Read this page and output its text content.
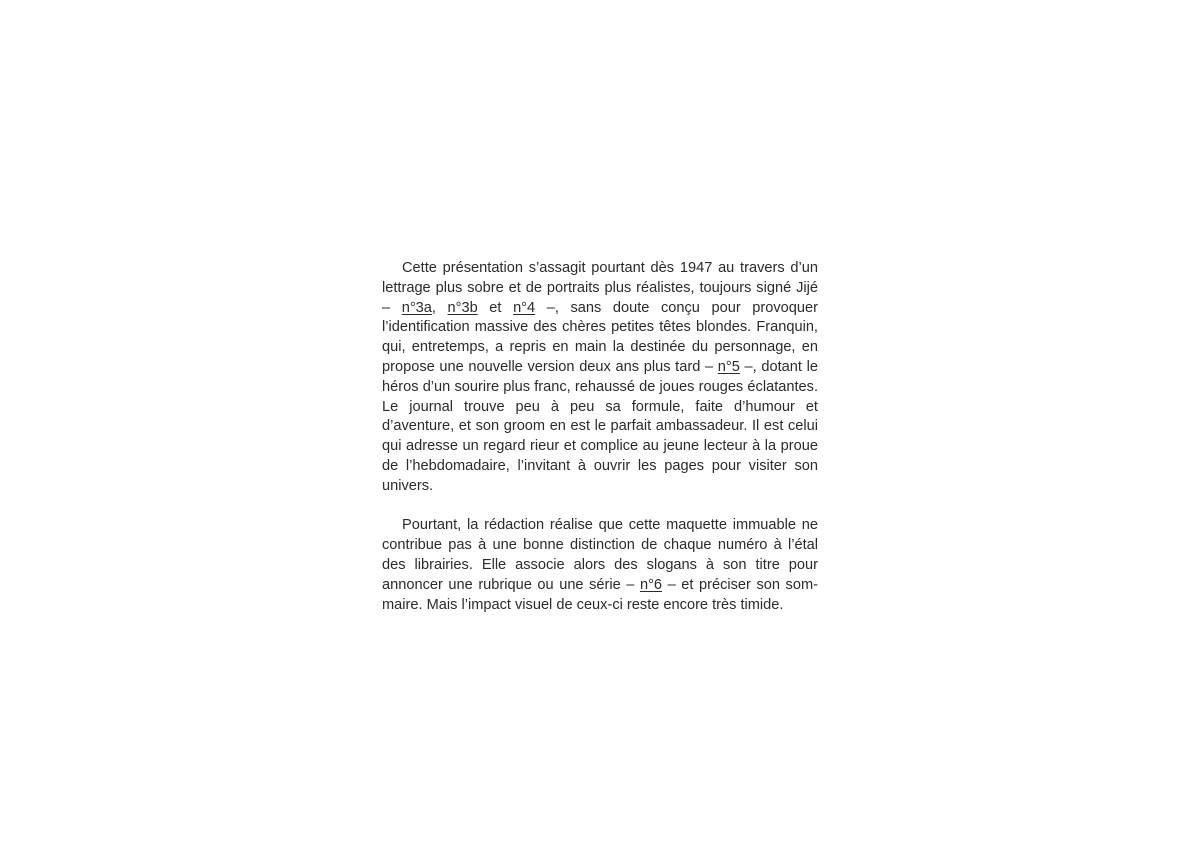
Cette présentation s’assagit pourtant dès 1947 au travers d’un lettrage plus sobre et de portraits plus réalistes, toujours signé Jijé – n°3a, n°3b et n°4 –, sans doute conçu pour provoquer l’identification massive des chères petites têtes blondes. Franquin, qui, entretemps, a repris en main la destinée du personnage, en propose une nouvelle version deux ans plus tard – n°5 –, dotant le héros d’un sourire plus franc, rehaussé de joues rouges éclatantes. Le journal trouve peu à peu sa formule, faite d’humour et d’aventure, et son groom en est le parfait ambassadeur. Il est celui qui adresse un regard rieur et complice au jeune lecteur à la proue de l’hebdomadaire, l’invitant à ouvrir les pages pour visiter son univers.

Pourtant, la rédaction réalise que cette maquette immuable ne contribue pas à une bonne distinction de chaque numéro à l’étal des librairies. Elle associe alors des slogans à son titre pour annoncer une rubrique ou une série – n°6 – et préciser son sommaire. Mais l’impact visuel de ceux-ci reste encore très timide.
